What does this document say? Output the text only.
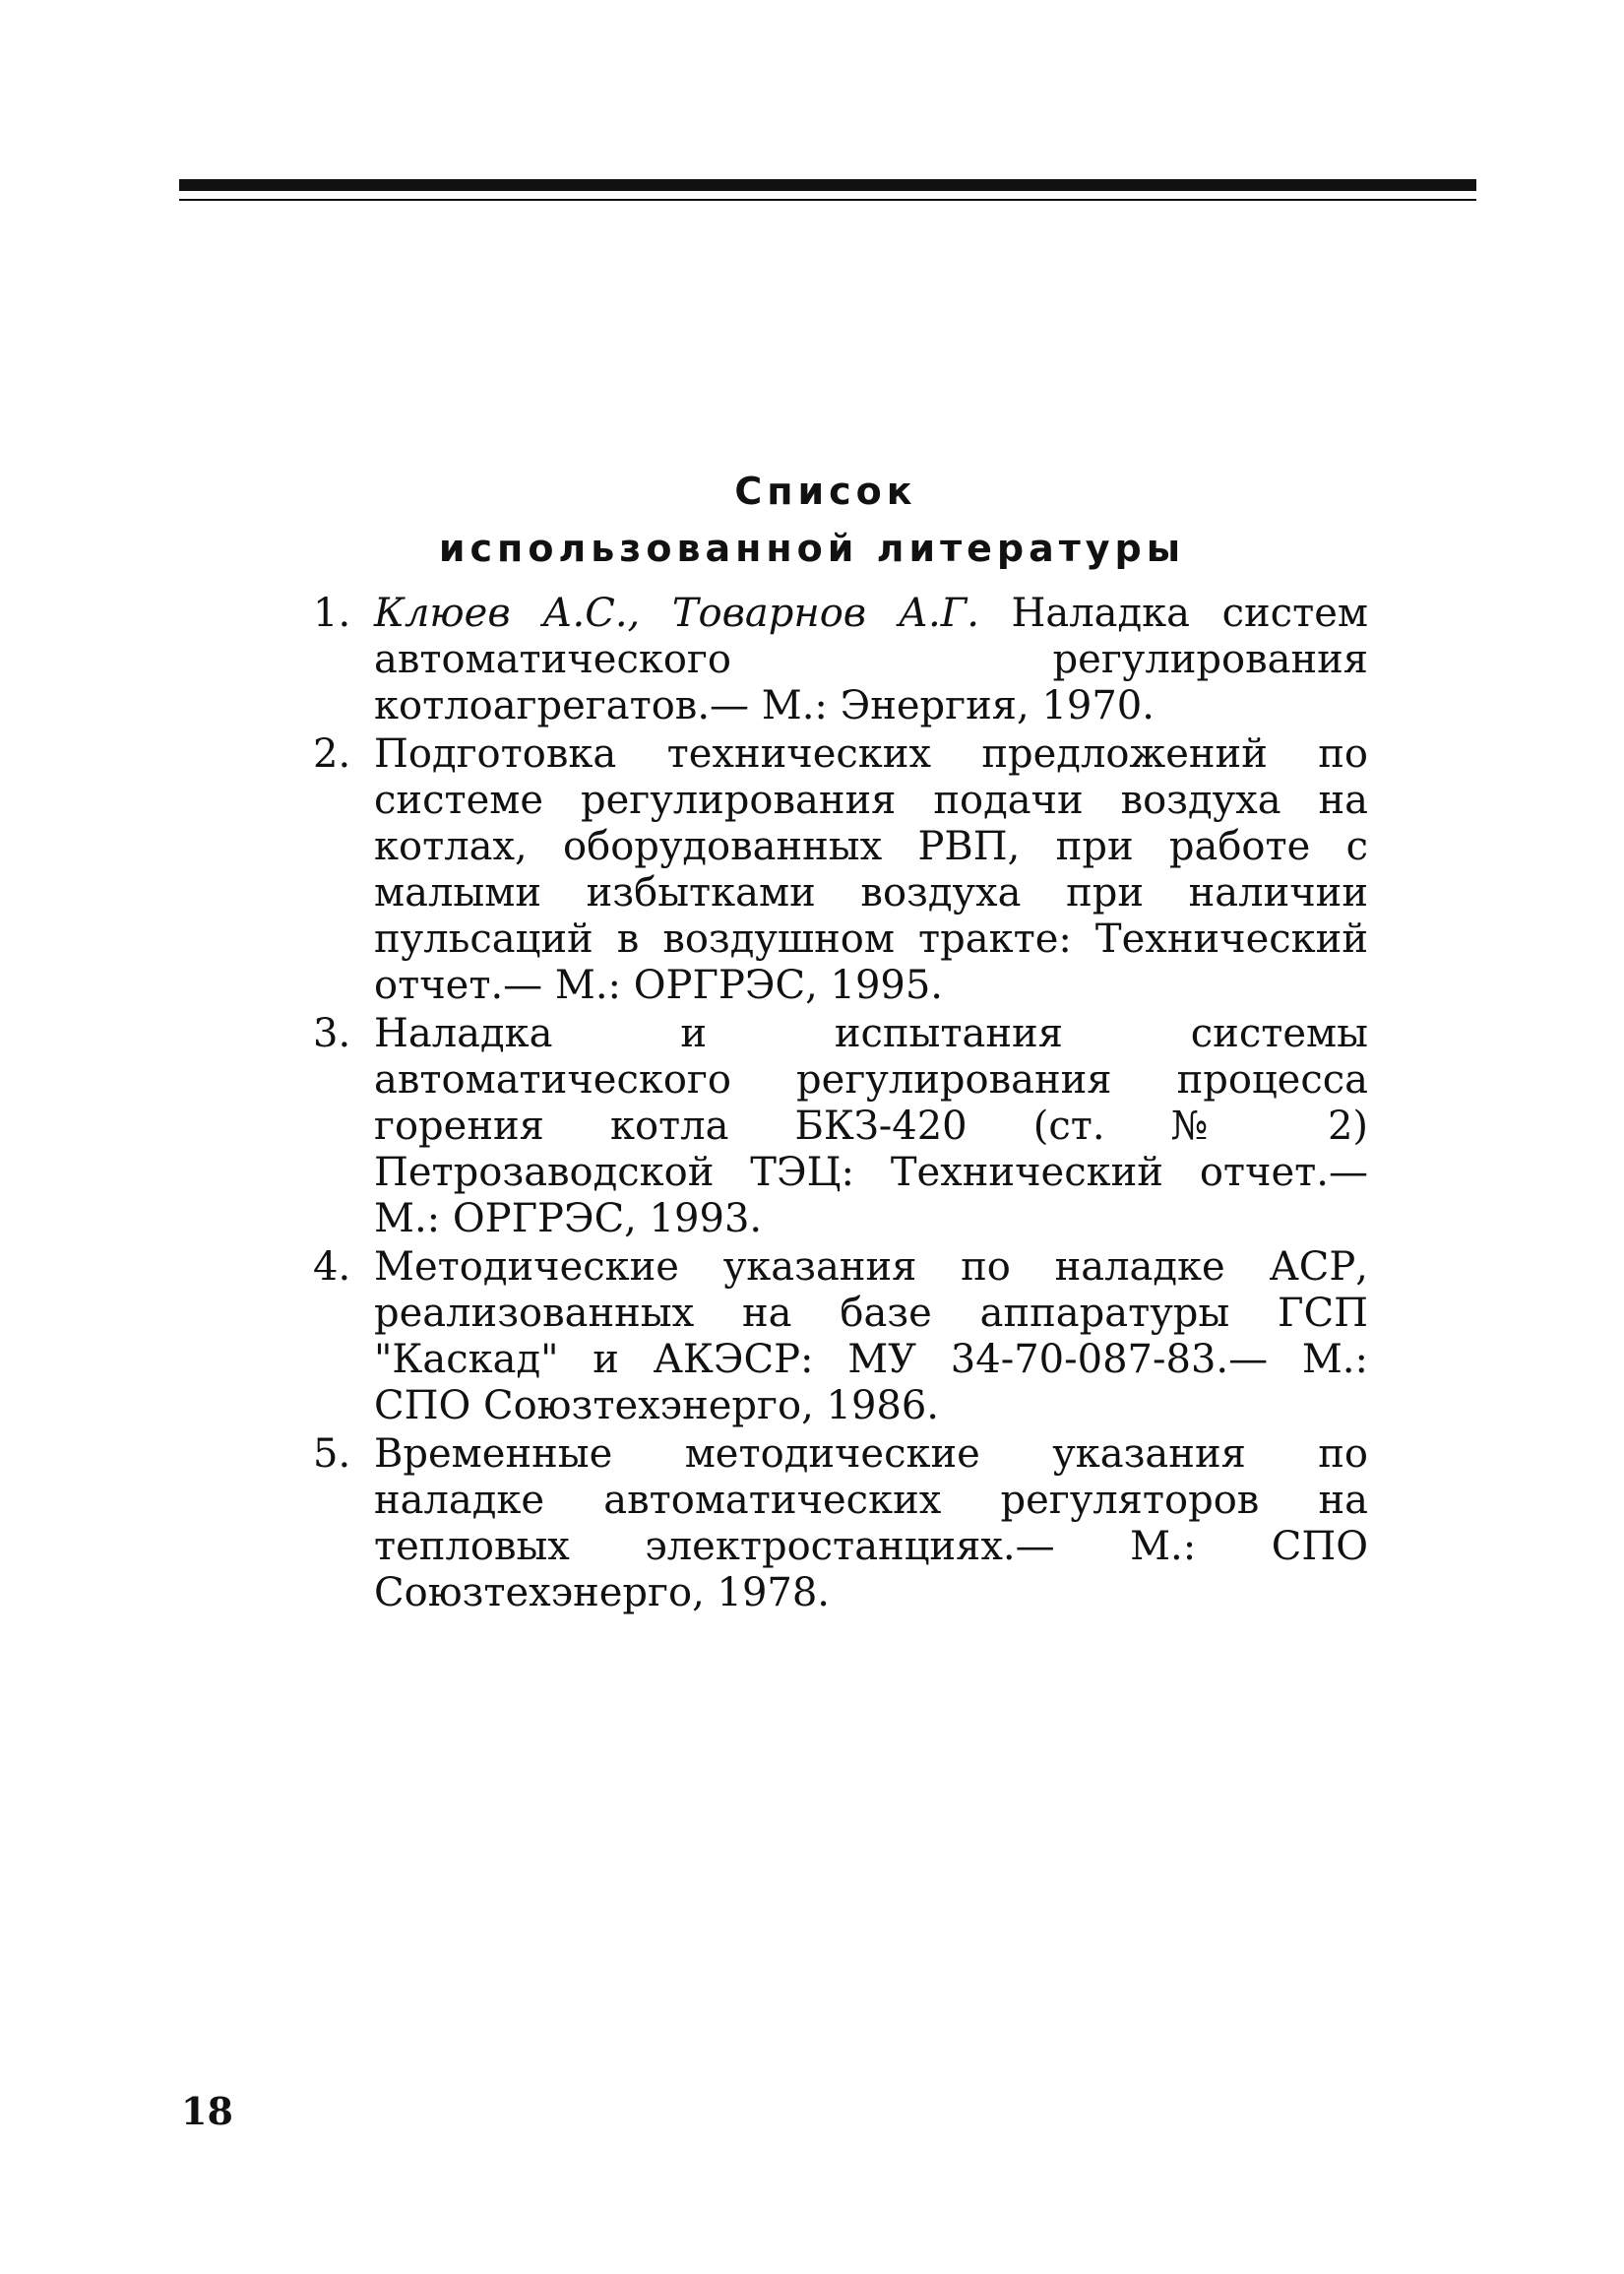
Список
использованной литературы
1. Клюев А.С., Товарнов А.Г. Наладка систем автоматического регулирования котлоагрегатов.— М.: Энергия, 1970.
2. Подготовка технических предложений по системе регулирования подачи воздуха на котлах, оборудованных РВП, при работе с малыми избытками воздуха при наличии пульсаций в воздушном тракте: Технический отчет.— М.: ОРГРЭС, 1995.
3. Наладка и испытания системы автоматического регулирования процесса горения котла БКЗ-420 (ст. № 2) Петрозаводской ТЭЦ: Технический отчет.— М.: ОРГРЭС, 1993.
4. Методические указания по наладке АСР, реализованных на базе аппаратуры ГСП "Каскад" и АКЭСР: МУ 34-70-087-83.— М.: СПО Союзтехэнерго, 1986.
5. Временные методические указания по наладке автоматических регуляторов на тепловых электростанциях.— М.: СПО Союзтехэнерго, 1978.
18
